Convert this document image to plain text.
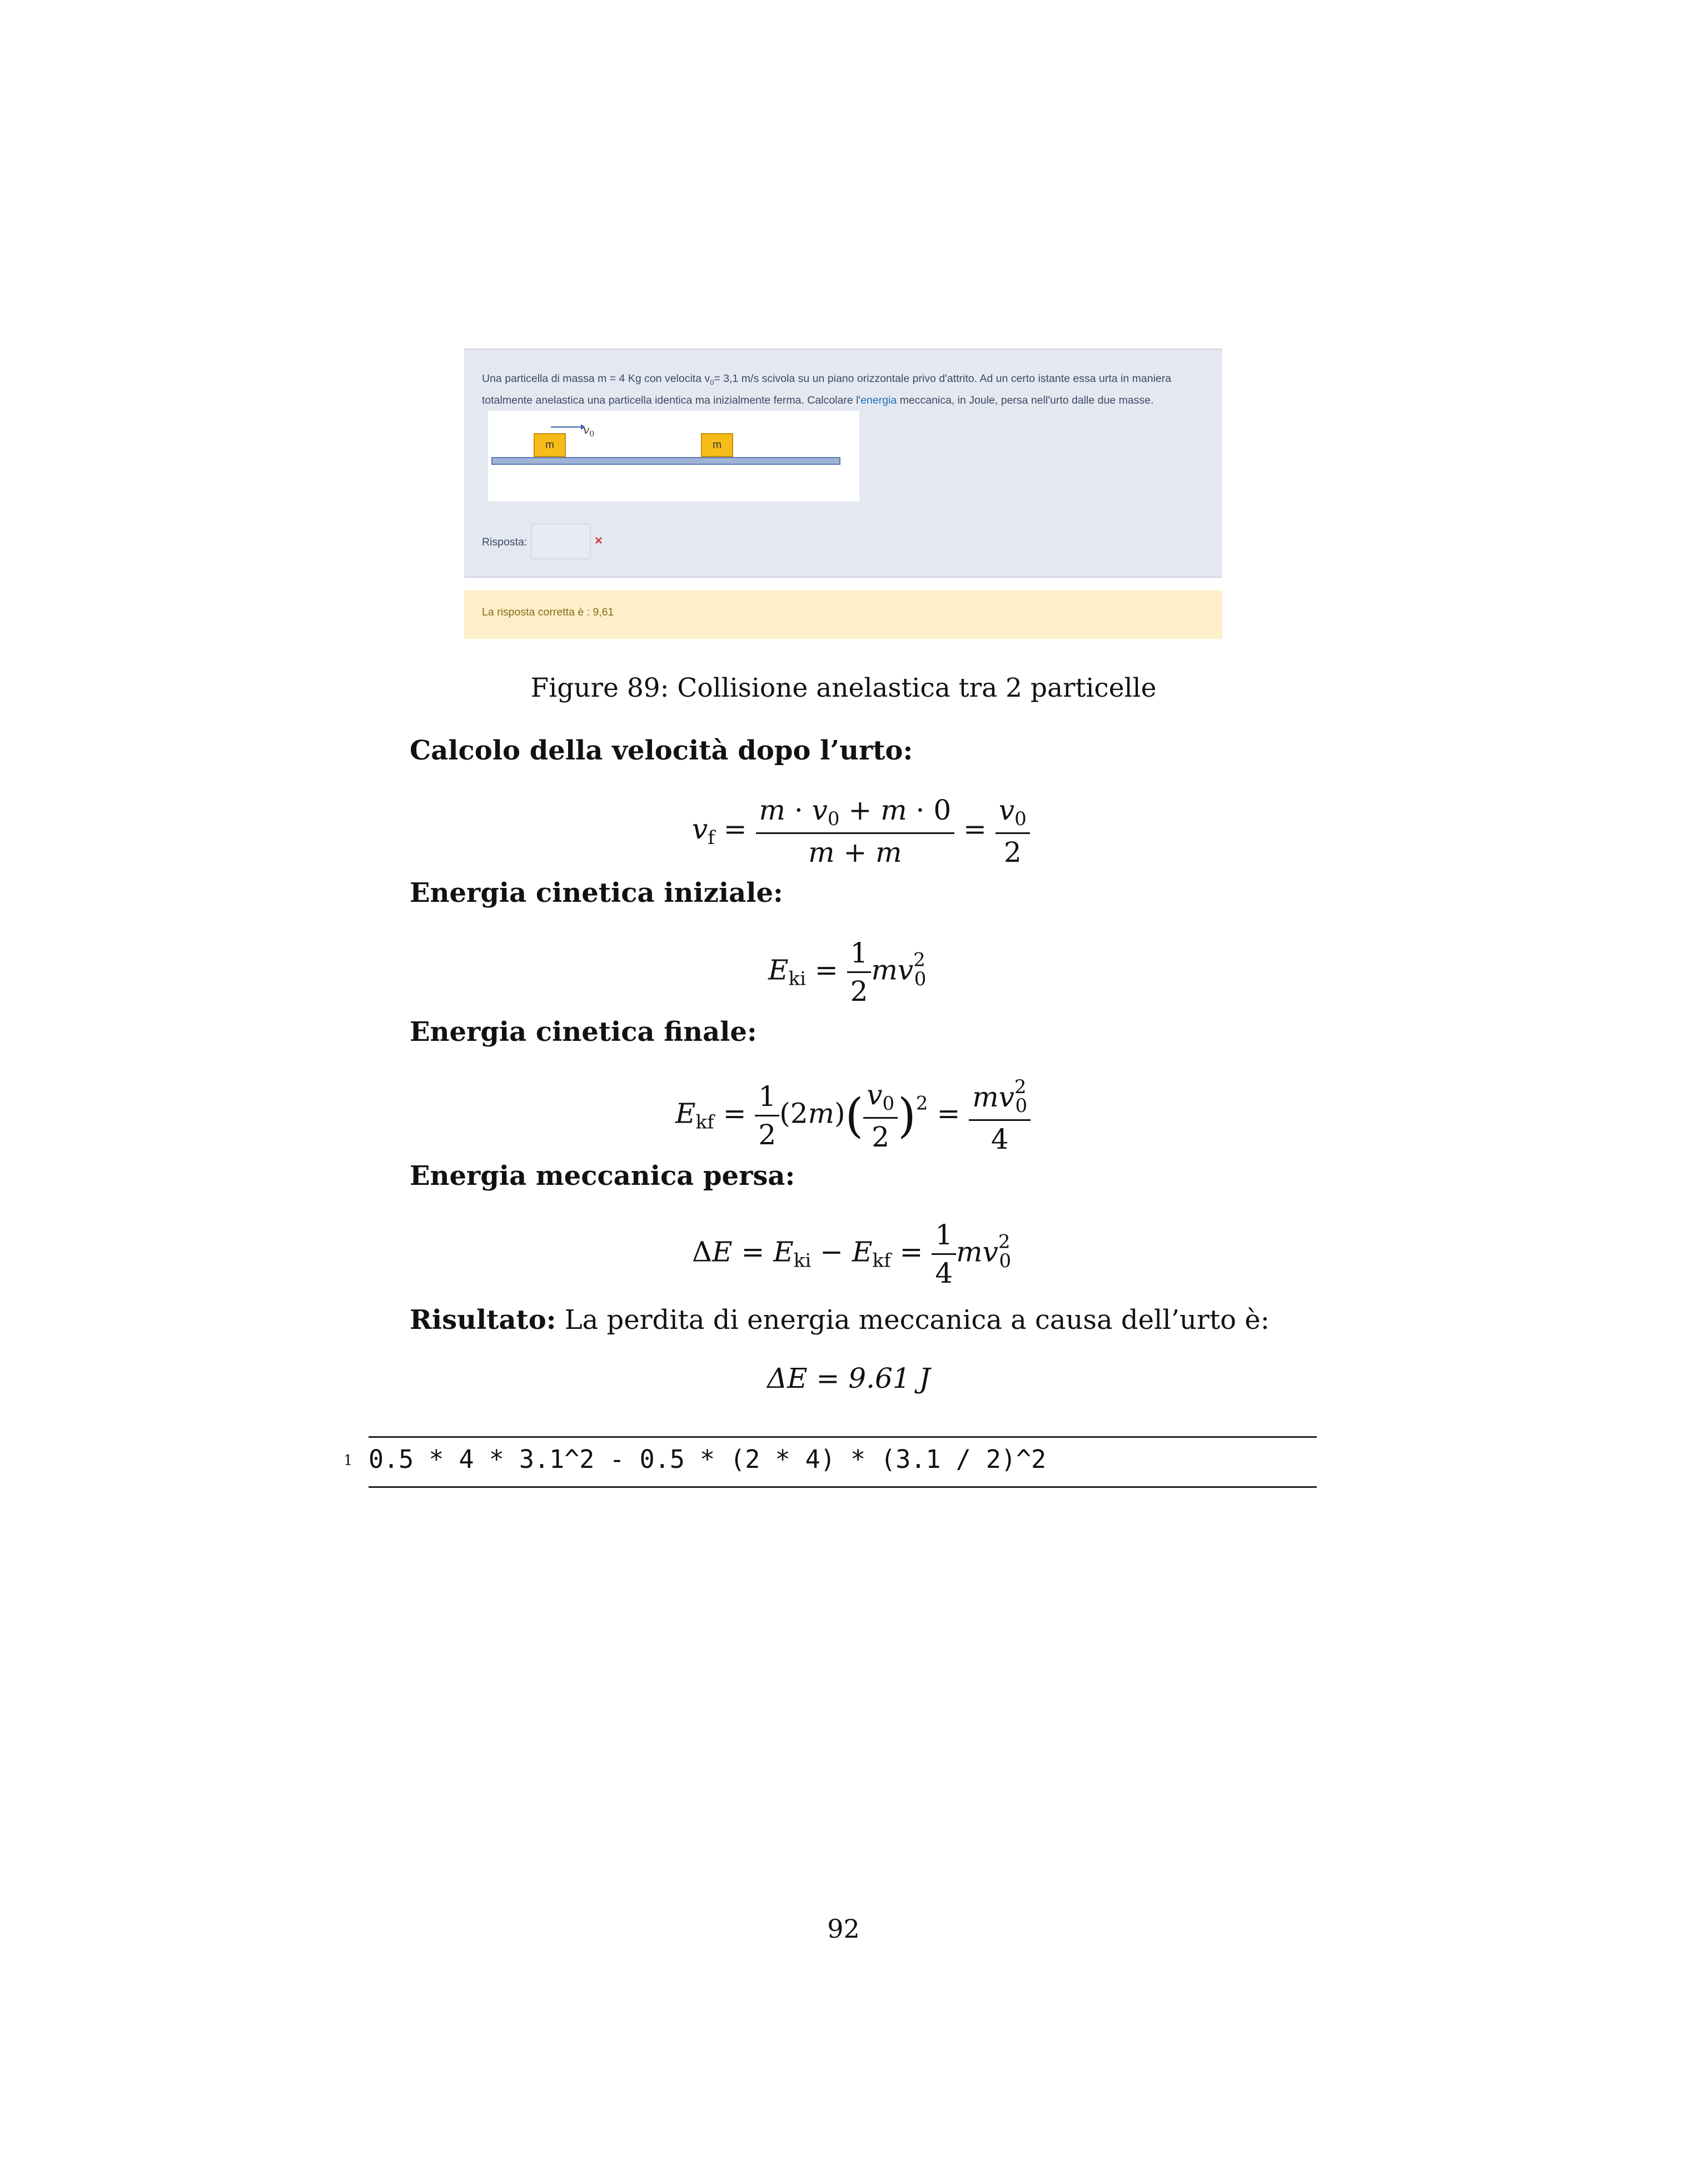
Una particella di massa m = 4 Kg con velocita $v_0= 3,1$ m/s scivola su un piano orizzontale privo d'attrito. Ad un certo istante essa urta in maniera
totalmente anelastica una particella identica ma inizialmente ferma. Calcolare l'energia meccanica, in Joule, persa nell'urto dalle due masse.
$v_0$
m	m
Risposta:	×
La risposta corretta è : 9,61
Figure 89: Collisione anelastica tra 2 particelle
Calcolo della velocità dopo l’urto:
$v_f = \frac{m \cdot v_0 + m \cdot 0}{m + m} = \frac{v_0}{2}$
Energia cinetica iniziale:
$E_{ki} = \frac{1}{2} mv^2_0$
Energia cinetica finale:
$E_{kf} = \frac{1}{2} (2m)( \frac{v_0}{2} )^2 = \frac{mv^2_0}{4}$
Energia meccanica persa:
$\Delta E = E_{ki} - E_{kf} = \frac{1}{4} mv^2_0$
Risultato: La perdita di energia meccanica a causa dell’urto è:
ΔE = 9.61 J
1 0.5 * 4 * 3.1^2 - 0.5 * (2 * 4) * (3.1 / 2)^2
92
